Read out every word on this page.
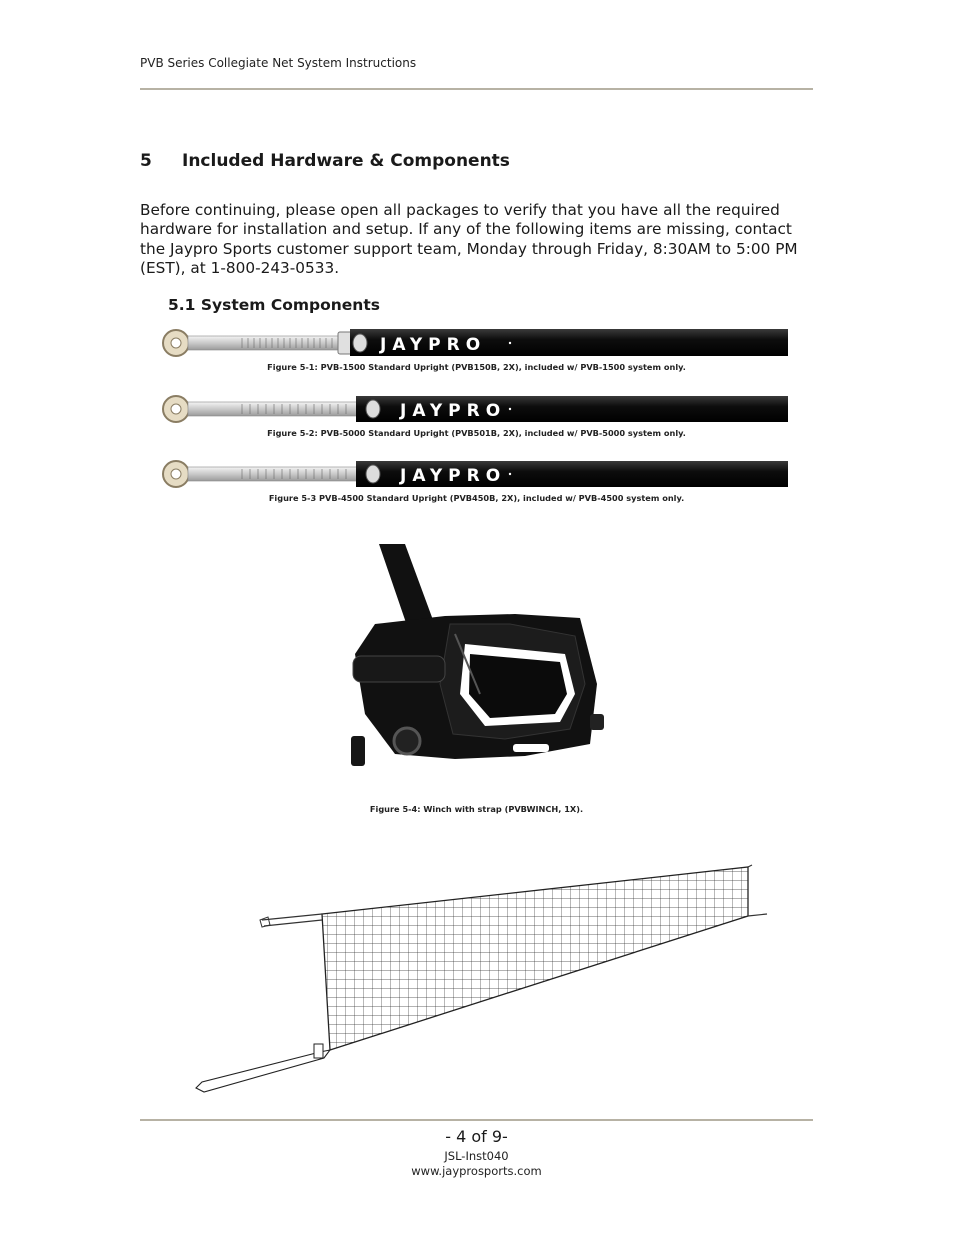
PVB Series Collegiate Net System Instructions
5 Included Hardware & Components
Before continuing, please open all packages to verify that you have all the required hardware for installation and setup. If any of the following items are missing, contact the Jaypro Sports customer support team, Monday through Friday, 8:30AM to 5:00 PM (EST), at 1-800-243-0533.
5.1 System Components
JAYPRO
Figure 5-1: PVB-1500 Standard Upright (PVB150B, 2X), included w/ PVB-1500 system only.
JAYPRO
Figure 5-2: PVB-5000 Standard Upright (PVB501B, 2X), included w/ PVB-5000 system only.
JAYPRO
Figure 5-3 PVB-4500 Standard Upright (PVB450B, 2X), included w/ PVB-4500 system only.
Figure 5-4: Winch with strap (PVBWINCH, 1X).
- 4 of 9-
JSL-Inst040
www.jayprosports.com
